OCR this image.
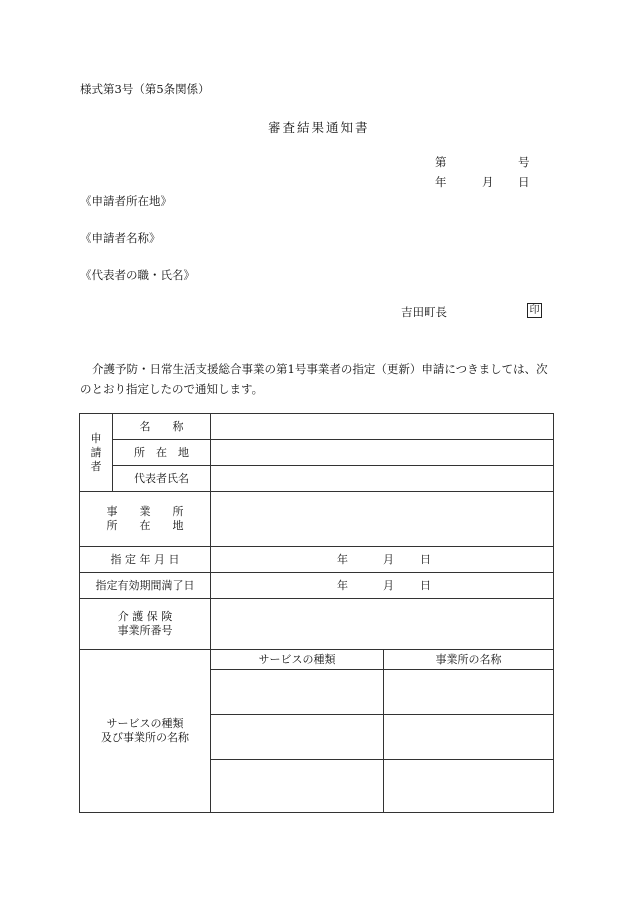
様式第3号（第5条関係）
審査結果通知書
第	号
年	月 日
《申請者所在地》
《申請者名称》
《代表者の職・氏名》
吉田町長	印

介護予防・日常生活支援総合事業の第1号事業者の指定（更新）申請につきましては、次

のとおり指定したので通知します。

申
請
者	名　　称		
	所　在　地		
	代表者氏名		

事　　業　　所
所　　在　　地			

指 定 年 月 日		年 月 日	

指定有効期間満了日		年 月 日	

介 護 保 険
事業所番号			

サービスの種類
及び事業所の名称		サービスの種類	事業所の名称
